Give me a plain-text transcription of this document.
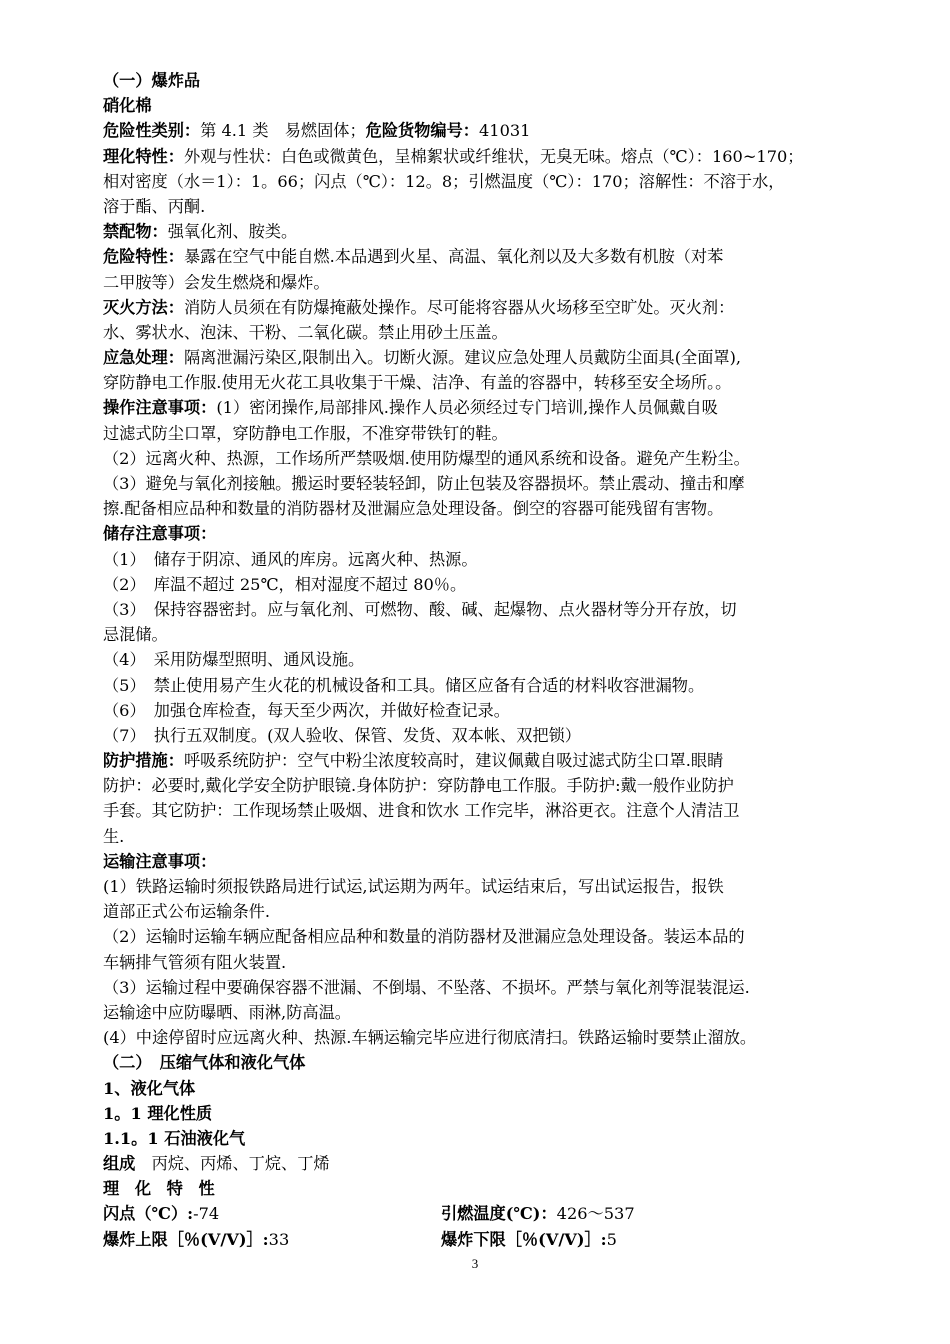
（一）爆炸品
硝化棉
危险性类别：第 4.1 类　易燃固体；危险货物编号：41031
理化特性：外观与性状：白色或微黄色，呈棉絮状或纤维状，无臭无味。熔点（℃）：160~170；
相对密度（水＝1）：1。66；闪点（℃）：12。8；引燃温度（℃）：170；溶解性：不溶于水，
溶于酯、丙酮.
禁配物：强氧化剂、胺类。
危险特性：暴露在空气中能自燃.本品遇到火星、高温、氧化剂以及大多数有机胺（对苯
二甲胺等）会发生燃烧和爆炸。
灭火方法：消防人员须在有防爆掩蔽处操作。尽可能将容器从火场移至空旷处。灭火剂：
水、雾状水、泡沫、干粉、二氧化碳。禁止用砂土压盖。
应急处理：隔离泄漏污染区,限制出入。切断火源。建议应急处理人员戴防尘面具(全面罩),
穿防静电工作服.使用无火花工具收集于干燥、洁净、有盖的容器中，转移至安全场所。。
操作注意事项：(1）密闭操作,局部排风.操作人员必须经过专门培训,操作人员佩戴自吸
过滤式防尘口罩，穿防静电工作服，不准穿带铁钉的鞋。
（2）远离火种、热源，工作场所严禁吸烟.使用防爆型的通风系统和设备。避免产生粉尘。
（3）避免与氧化剂接触。搬运时要轻装轻卸，防止包装及容器损坏。禁止震动、撞击和摩
擦.配备相应品种和数量的消防器材及泄漏应急处理设备。倒空的容器可能残留有害物。
储存注意事项：
（1）　 储存于阴凉、通风的库房。远离火种、热源。
（2）　 库温不超过 25℃，相对湿度不超过 80％。
（3）　 保持容器密封。应与氧化剂、可燃物、酸、碱、起爆物、点火器材等分开存放，切
忌混储。
（4）　 采用防爆型照明、通风设施。
（5）　 禁止使用易产生火花的机械设备和工具。储区应备有合适的材料收容泄漏物。
（6）　 加强仓库检查，每天至少两次，并做好检查记录。
（7）　 执行五双制度。(双人验收、保管、发货、双本帐、双把锁）
防护措施：呼吸系统防护：空气中粉尘浓度较高时，建议佩戴自吸过滤式防尘口罩.眼睛
防护：必要时,戴化学安全防护眼镜.身体防护：穿防静电工作服。手防护:戴一般作业防护
手套。其它防护：工作现场禁止吸烟、进食和饮水 工作完毕，淋浴更衣。注意个人清洁卫
生.
运输注意事项：
(1）铁路运输时须报铁路局进行试运,试运期为两年。试运结束后，写出试运报告，报铁
道部正式公布运输条件.
（2）运输时运输车辆应配备相应品种和数量的消防器材及泄漏应急处理设备。装运本品的
车辆排气管须有阻火装置.
（3）运输过程中要确保容器不泄漏、不倒塌、不坠落、不损坏。严禁与氧化剂等混装混运.
运输途中应防曝晒、雨淋,防高温。
(4）中途停留时应远离火种、热源.车辆运输完毕应进行彻底清扫。铁路运输时要禁止溜放。
（二）　压缩气体和液化气体
1、液化气体
1。1 理化性质
1.1。1 石油液化气
组成　 丙烷、丙烯、丁烷、丁烯
理 化 特 性
闪点（℃）:-74	引燃温度(℃)：426～537
爆炸上限［％(V/V)］:33	爆炸下限［％(V/V)］:5
3
